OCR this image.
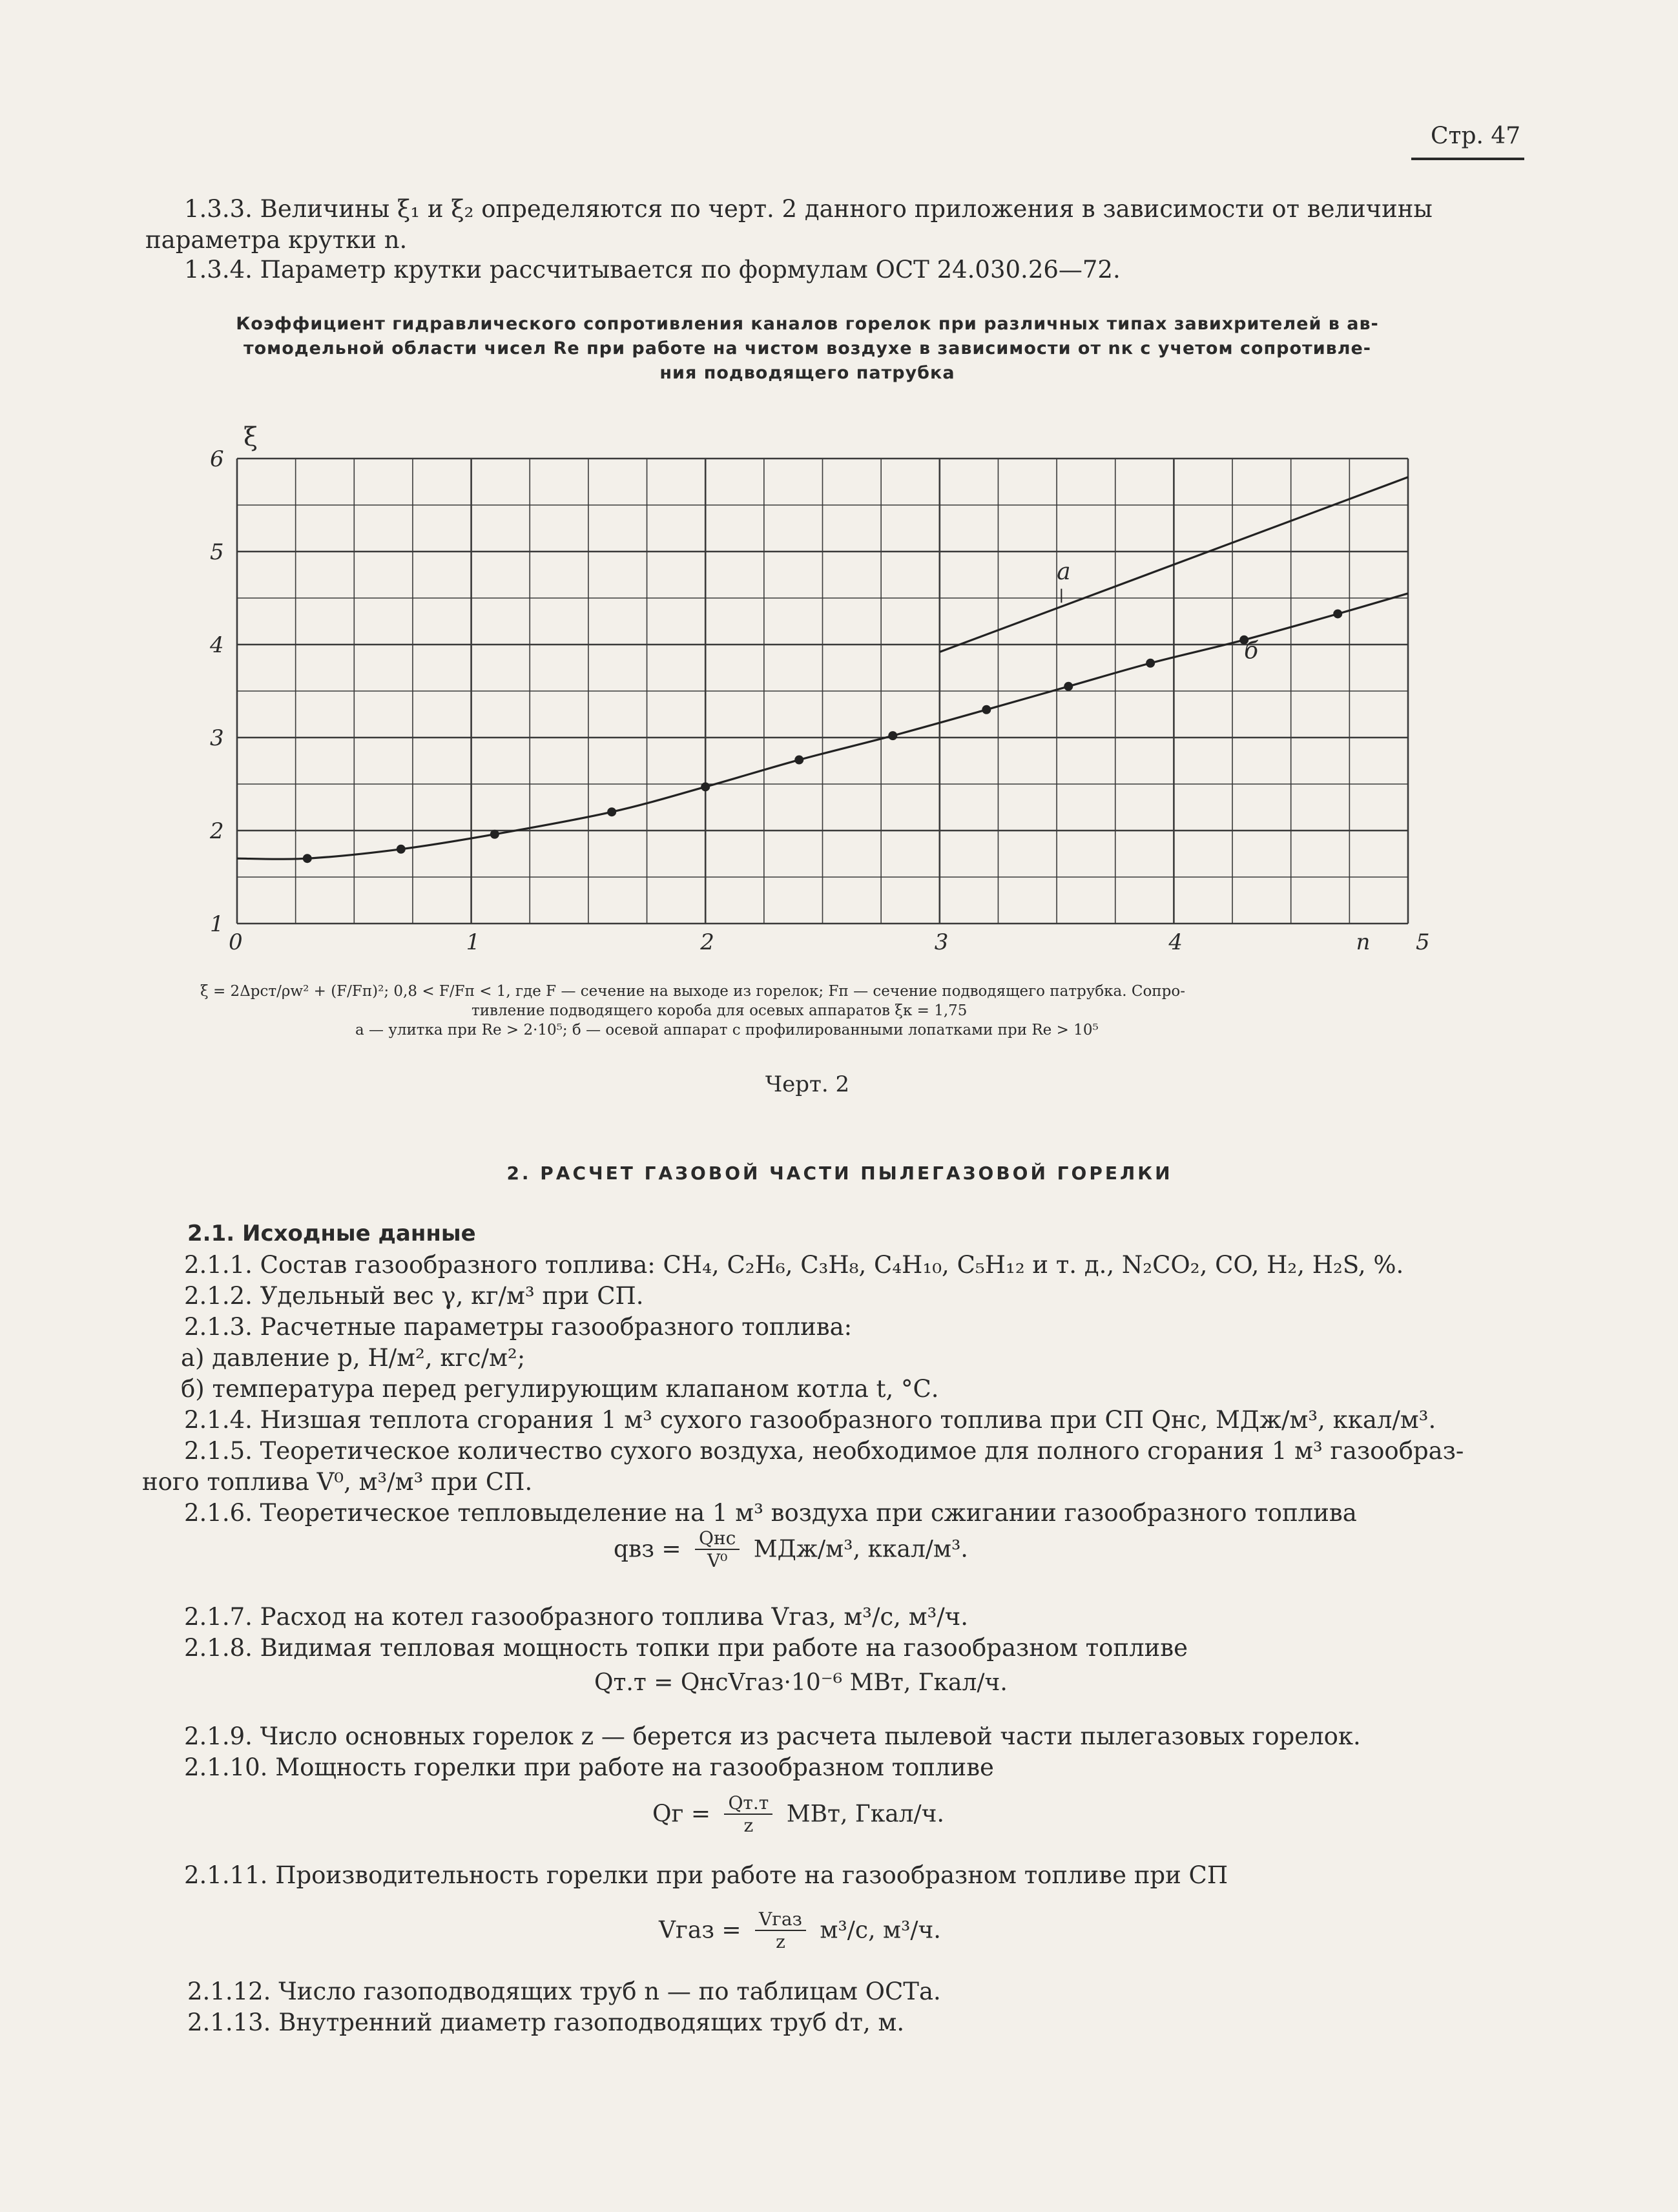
Стр. 47
1.3.3. Величины ξ₁ и ξ₂ определяются по черт. 2 данного приложения в зависимости от величины
параметра крутки n.
1.3.4. Параметр крутки рассчитывается по формулам ОСТ 24.030.26—72.
Коэффициент гидравлического сопротивления каналов горелок при различных типах завихрителей в ав-
томодельной области чисел Re при работе на чистом воздухе в зависимости от nк с учетом сопротивле-
ния подводящего патрубка
1
2
3
4
5
6
0	1	2	3	4	n 5
ξ
а
б
ξ = 2Δpст/ρw² + (F/Fп)²; 0,8 < F/Fп < 1, где F — сечение на выходе из горелок; Fп — сечение подводящего патрубка. Сопро-
тивление подводящего короба для осевых аппаратов ξк = 1,75
а — улитка при Re > 2·10⁵; б — осевой аппарат с профилированными лопатками при Re > 10⁵
Черт. 2
2. РАСЧЕТ ГАЗОВОЙ ЧАСТИ ПЫЛЕГАЗОВОЙ ГОРЕЛКИ
2.1. Исходные данные
2.1.1. Состав газообразного топлива: CH₄, C₂H₆, C₃H₈, C₄H₁₀, C₅H₁₂ и т. д., N₂CO₂, CO, H₂, H₂S, %.
2.1.2. Удельный вес γ, кг/м³ при СП.
2.1.3. Расчетные параметры газообразного топлива:
а) давление p, Н/м², кгс/м²;
б) температура перед регулирующим клапаном котла t, °С.
2.1.4. Низшая теплота сгорания 1 м³ сухого газообразного топлива при СП Qнс, МДж/м³, ккал/м³.
2.1.5. Теоретическое количество сухого воздуха, необходимое для полного сгорания 1 м³ газообраз-
ного топлива V⁰, м³/м³ при СП.
2.1.6. Теоретическое тепловыделение на 1 м³ воздуха при сжигании газообразного топлива
qвз = Qнс
V⁰	МДж/м³, ккал/м³.
2.1.7. Расход на котел газообразного топлива Vгаз, м³/с, м³/ч.
2.1.8. Видимая тепловая мощность топки при работе на газообразном топливе
Qт.т = QнсVгаз·10⁻⁶ МВт, Гкал/ч.
2.1.9. Число основных горелок z — берется из расчета пылевой части пылегазовых горелок.
2.1.10. Мощность горелки при работе на газообразном топливе
Qг = Qт.т
z	МВт, Гкал/ч.
2.1.11. Производительность горелки при работе на газообразном топливе при СП
Vгаз = Vгаз
z	м³/с, м³/ч.
2.1.12. Число газоподводящих труб n — по таблицам ОСТа.
2.1.13. Внутренний диаметр газоподводящих труб dт, м.
